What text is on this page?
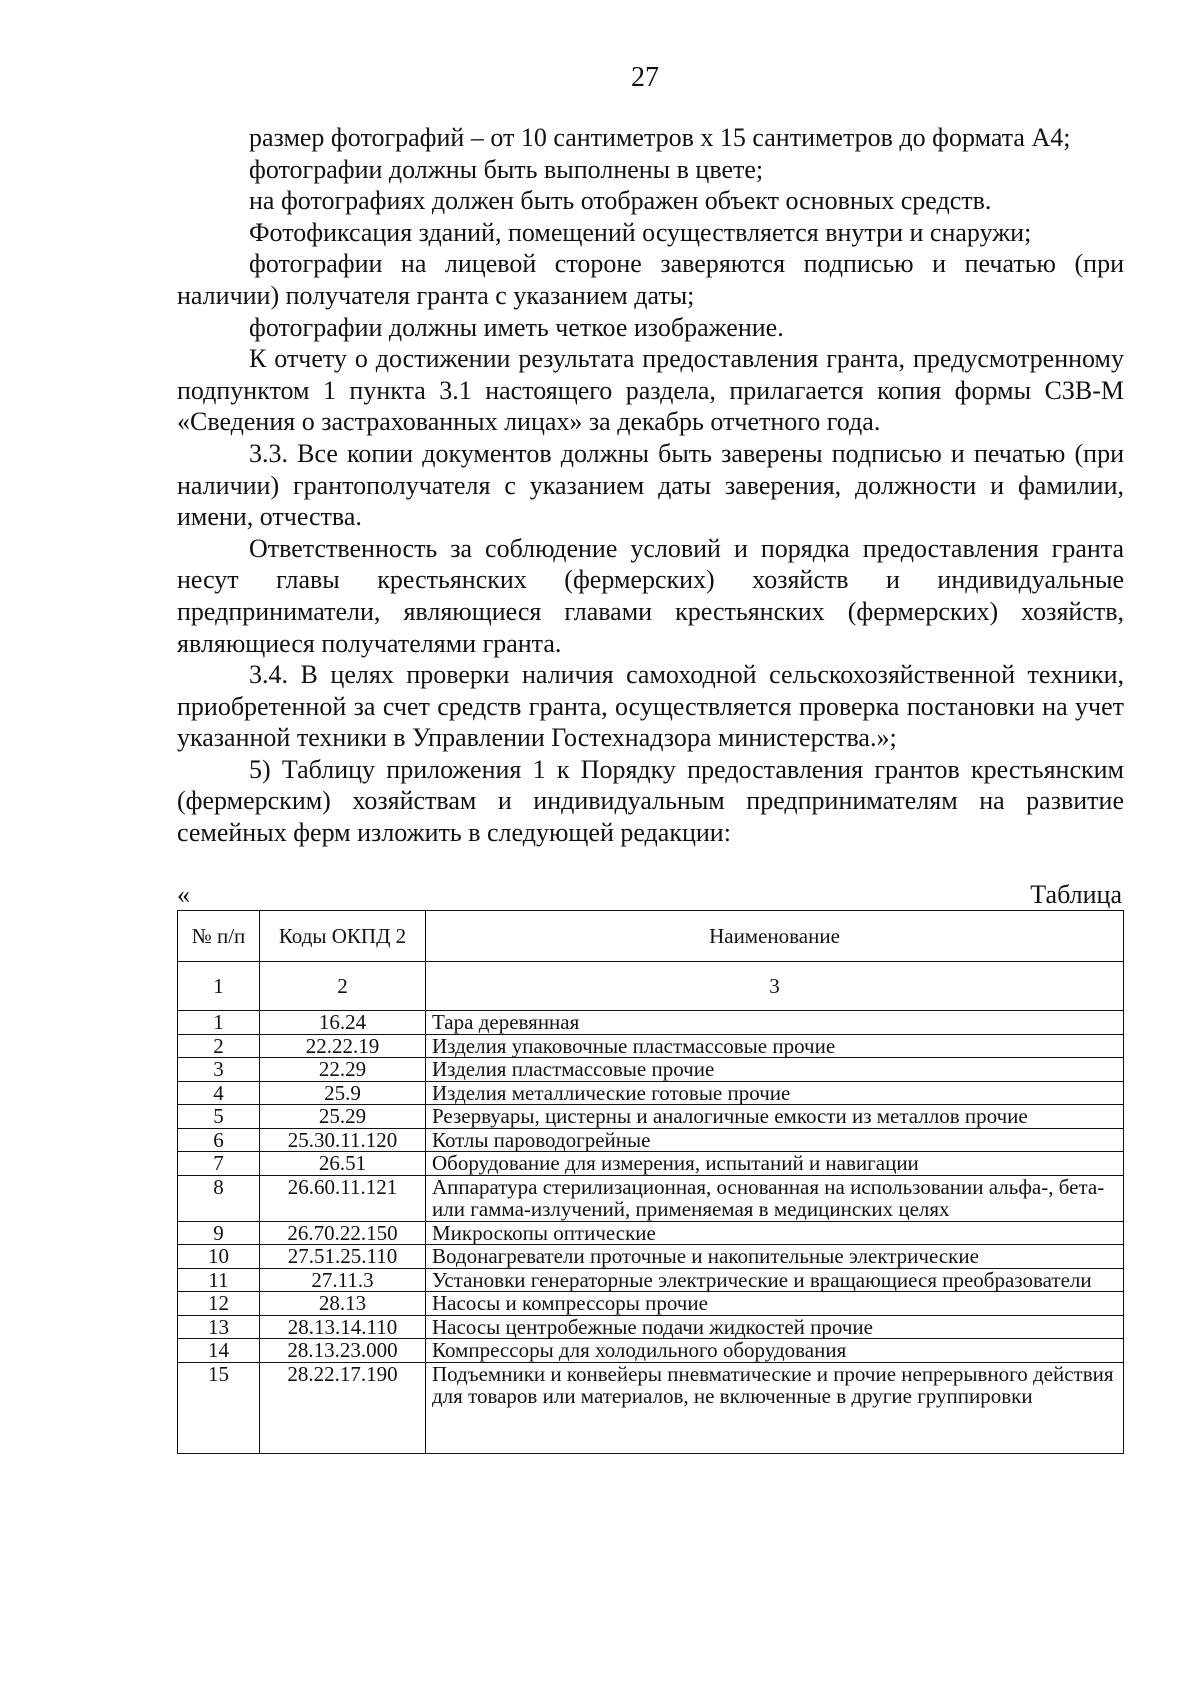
27

размер фотографий – от 10 сантиметров х 15 сантиметров до формата А4;

фотографии должны быть выполнены в цвете;

на фотографиях должен быть отображен объект основных средств.

Фотофиксация зданий, помещений осуществляется внутри и снаружи;

фотографии на лицевой стороне заверяются подписью и печатью (при наличии) получателя гранта с указанием даты;

фотографии должны иметь четкое изображение.

К отчету о достижении результата предоставления гранта, предусмотренному подпунктом 1 пункта 3.1 настоящего раздела, прилагается копия формы СЗВ-М «Сведения о застрахованных лицах» за декабрь отчетного года.

3.3. Все копии документов должны быть заверены подписью и печатью (при наличии) грантополучателя с указанием даты заверения, должности и фамилии, имени, отчества.

Ответственность за соблюдение условий и порядка предоставления гранта несут главы крестьянских (фермерских) хозяйств и индивидуальные предприниматели, являющиеся главами крестьянских (фермерских) хозяйств, являющиеся получателями гранта.

3.4. В целях проверки наличия самоходной сельскохозяйственной техники, приобретенной за счет средств гранта, осуществляется проверка постановки на учет указанной техники в Управлении Гостехнадзора министерства.»;

5) Таблицу приложения 1 к Порядку предоставления грантов крестьянским (фермерским) хозяйствам и индивидуальным предпринимателям на развитие семейных ферм изложить в следующей редакции:

«	Таблица
№ п/п	Коды ОКПД 2	Наименование
1	2	3
1	16.24	Тара деревянная
2	22.22.19	Изделия упаковочные пластмассовые прочие
3	22.29	Изделия пластмассовые прочие
4	25.9	Изделия металлические готовые прочие
5	25.29	Резервуары, цистерны и аналогичные емкости из металлов прочие
6	25.30.11.120	Котлы пароводогрейные
7	26.51	Оборудование для измерения, испытаний и навигации
8	26.60.11.121	Аппаратура стерилизационная, основанная на использовании альфа-, бета- или гамма-излучений, применяемая в медицинских целях
9	26.70.22.150	Микроскопы оптические
10	27.51.25.110	Водонагреватели проточные и накопительные электрические
11	27.11.3	Установки генераторные электрические и вращающиеся преобразователи
12	28.13	Насосы и компрессоры прочие
13	28.13.14.110	Насосы центробежные подачи жидкостей прочие
14	28.13.23.000	Компрессоры для холодильного оборудования
15	28.22.17.190	Подъемники и конвейеры пневматические и прочие непрерывного действия для товаров или материалов, не включенные в другие группировки
